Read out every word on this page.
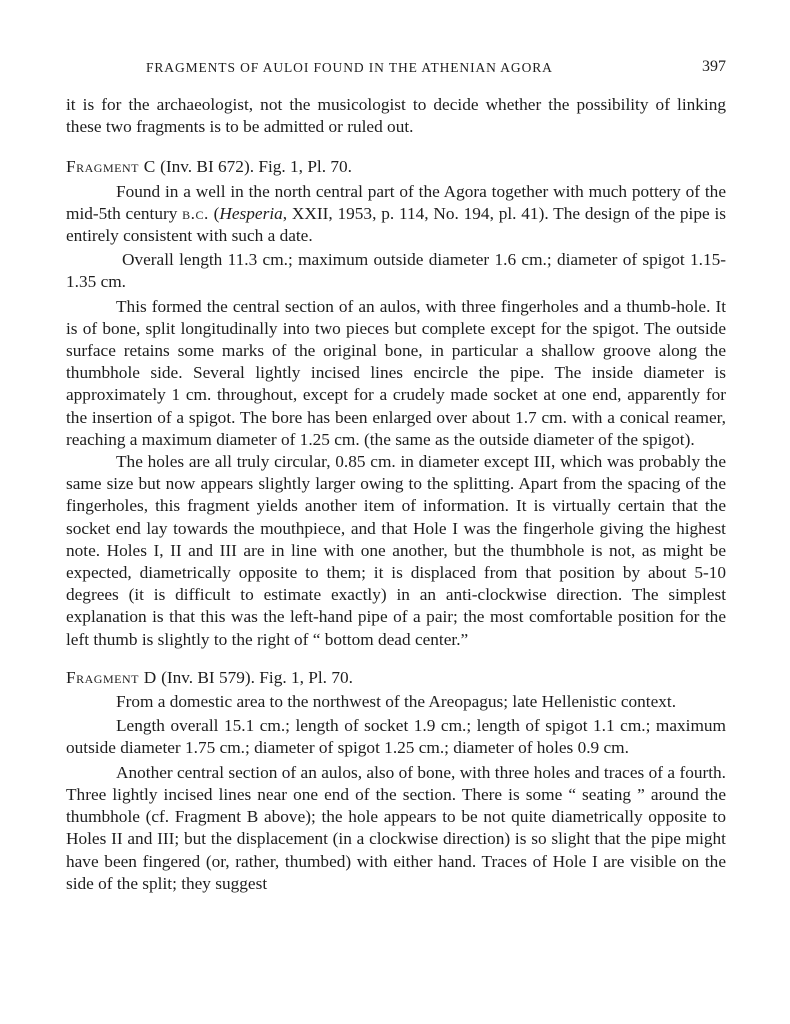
FRAGMENTS OF AULOI FOUND IN THE ATHENIAN AGORA	397

it is for the archaeologist, not the musicologist to decide whether the possibility of linking these two fragments is to be admitted or ruled out.

Fragment C (Inv. BI 672). Fig. 1, Pl. 70.

Found in a well in the north central part of the Agora together with much pottery of the mid-5th century b.c. (Hesperia, XXII, 1953, p. 114, No. 194, pl. 41). The design of the pipe is entirely consistent with such a date.

Overall length 11.3 cm.; maximum outside diameter 1.6 cm.; diameter of spigot 1.15-1.35 cm.

This formed the central section of an aulos, with three fingerholes and a thumb-hole. It is of bone, split longitudinally into two pieces but complete except for the spigot. The outside surface retains some marks of the original bone, in particular a shallow groove along the thumbhole side. Several lightly incised lines encircle the pipe. The inside diameter is approximately 1 cm. throughout, except for a crudely made socket at one end, apparently for the insertion of a spigot. The bore has been enlarged over about 1.7 cm. with a conical reamer, reaching a maximum diameter of 1.25 cm. (the same as the outside diameter of the spigot).

The holes are all truly circular, 0.85 cm. in diameter except III, which was probably the same size but now appears slightly larger owing to the splitting. Apart from the spacing of the fingerholes, this fragment yields another item of information. It is virtually certain that the socket end lay towards the mouthpiece, and that Hole I was the fingerhole giving the highest note. Holes I, II and III are in line with one another, but the thumbhole is not, as might be expected, diametrically opposite to them; it is displaced from that position by about 5-10 degrees (it is difficult to estimate exactly) in an anti-clockwise direction. The simplest explanation is that this was the left-hand pipe of a pair; the most comfortable position for the left thumb is slightly to the right of “ bottom dead center.”

Fragment D (Inv. BI 579). Fig. 1, Pl. 70.

From a domestic area to the northwest of the Areopagus; late Hellenistic context.

Length overall 15.1 cm.; length of socket 1.9 cm.; length of spigot 1.1 cm.; maximum outside diameter 1.75 cm.; diameter of spigot 1.25 cm.; diameter of holes 0.9 cm.

Another central section of an aulos, also of bone, with three holes and traces of a fourth. Three lightly incised lines near one end of the section. There is some “ seating ” around the thumbhole (cf. Fragment B above); the hole appears to be not quite diametrically opposite to Holes II and III; but the displacement (in a clockwise direction) is so slight that the pipe might have been fingered (or, rather, thumbed) with either hand. Traces of Hole I are visible on the side of the split; they suggest
